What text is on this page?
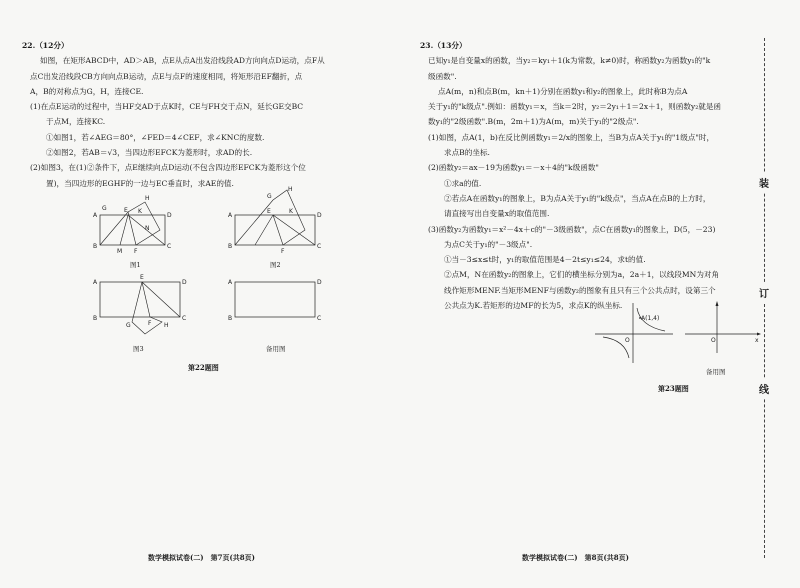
22.（12分）
如图，在矩形ABCD中，AD＞AB，点E从点A出发沿线段AD方向向点D运动，点F从
点C出发沿线段CB方向向点B运动，点E与点F的速度相同，将矩形沿EF翻折，点
A，B的对称点为G，H，连接CE.
(1)在点E运动的过程中，当HF交AD于点K时，CE与FH交于点N，延长GE交BC
于点M，连接KC.
①如图1，若∠AEG＝80°，∠FED＝4∠CEF，求∠KNC的度数.
②如图2，若AB＝√3，当四边形EFCK为菱形时，求AD的长.
(2)如图3，在(1)②条件下，点E继续向点D运动(不包含四边形EFCK为菱形这个位
置)，当四边形的EGHF的一边与EC垂直时，求AE的值.
A
B	C
D
E
F
G
H
K
M
N
图1
A
B	C
D
E
F
G
H
K
图2
A
B	C
D
E
F
G	H
图3
A
B	C
D
备用图
第22题图
数学模拟试卷(二)　第7页(共8页)
23.（13分）
已知y₁是自变量x的函数，当y₂＝ky₁＋1(k为常数，k≠0)时，称函数y₂为函数y₁的"k
级函数".
点A(m，n)和点B(m，kn＋1)分别在函数y₁和y₂的图象上，此时称B为点A
关于y₁的"k级点".例如：函数y₁＝x，当k＝2时，y₂＝2y₁＋1＝2x＋1，则函数y₂就是函
数y₁的"2级函数".B(m，2m＋1)为A(m，m)关于y₁的"2级点".
(1)如图，点A(1，b)在反比例函数y₁＝2/x的图象上，当B为点A关于y₁的"1级点"时，
求点B的坐标.
(2)函数y₂＝ax－19为函数y₁＝－x＋4的"k级函数"
①求a的值.
②若点A在函数y₁的图象上，B为点A关于y₁的"k级点"，当点A在点B的上方时，
请直接写出自变量x的取值范围.
(3)函数y₂为函数y₁＝x²－4x＋c的"－3级函数"，点C在函数y₁的图象上，D(5，－23)
为点C关于y₁的"－3级点".
①当－3≤x≤t时，y₁的取值范围是4－2t≤y₁≤24，求t的值.
②点M，N在函数y₂的图象上，它们的横坐标分别为a，2a＋1，以线段MN为对角
线作矩形MENF.当矩形MENF与函数y₂的图象有且只有三个公共点时，设第三个
公共点为K.若矩形的边MF的长为5，求点K的纵坐标.
A(1,4)
O	O	x
备用图
第23题图
数学模拟试卷(二)　第8页(共8页)
装
订
线
